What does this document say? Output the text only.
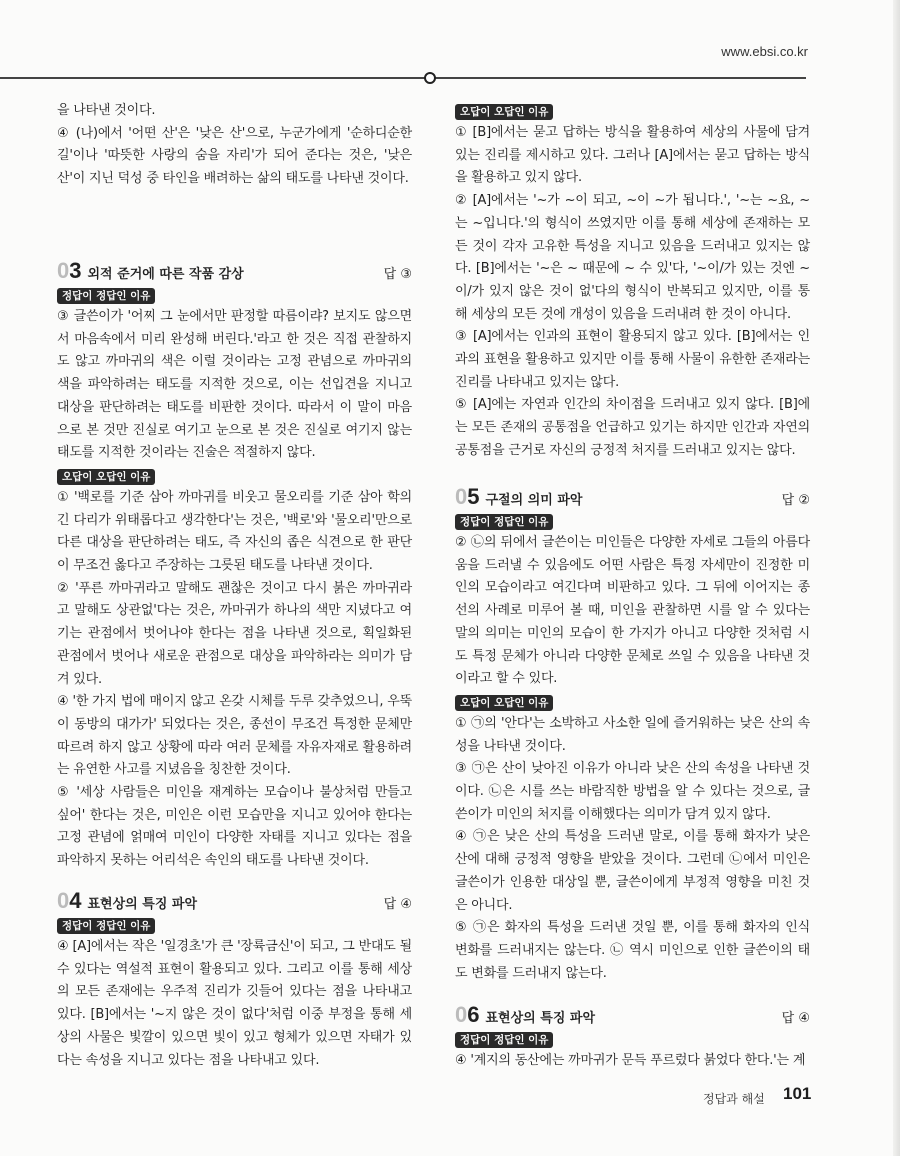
www.ebsi.co.kr

을 나타낸 것이다.

④ (나)에서 '어떤 산'은 '낮은 산'으로, 누군가에게 '순하디순한 길'이나 '따뜻한 사랑의 숨을 자리'가 되어 준다는 것은, '낮은 산'이 지닌 덕성 중 타인을 배려하는 삶의 태도를 나타낸 것이다.

03 외적 준거에 따른 작품 감상	답 ③
정답이 정답인 이유

③ 글쓴이가 '어찌 그 눈에서만 판정할 따름이랴? 보지도 않으면서 마음속에서 미리 완성해 버린다.'라고 한 것은 직접 관찰하지도 않고 까마귀의 색은 이럴 것이라는 고정 관념으로 까마귀의 색을 파악하려는 태도를 지적한 것으로, 이는 선입견을 지니고 대상을 판단하려는 태도를 비판한 것이다. 따라서 이 말이 마음으로 본 것만 진실로 여기고 눈으로 본 것은 진실로 여기지 않는 태도를 지적한 것이라는 진술은 적절하지 않다.

오답이 오답인 이유

① '백로를 기준 삼아 까마귀를 비웃고 물오리를 기준 삼아 학의 긴 다리가 위태롭다고 생각한다'는 것은, '백로'와 '물오리'만으로 다른 대상을 판단하려는 태도, 즉 자신의 좁은 식견으로 한 판단이 무조건 옳다고 주장하는 그릇된 태도를 나타낸 것이다.

② '푸른 까마귀라고 말해도 괜찮은 것이고 다시 붉은 까마귀라고 말해도 상관없'다는 것은, 까마귀가 하나의 색만 지녔다고 여기는 관점에서 벗어나야 한다는 점을 나타낸 것으로, 획일화된 관점에서 벗어나 새로운 관점으로 대상을 파악하라는 의미가 담겨 있다.

④ '한 가지 법에 매이지 않고 온갖 시체를 두루 갖추었으니, 우뚝이 동방의 대가가' 되었다는 것은, 종선이 무조건 특정한 문체만 따르려 하지 않고 상황에 따라 여러 문체를 자유자재로 활용하려는 유연한 사고를 지녔음을 칭찬한 것이다.

⑤ '세상 사람들은 미인을 재계하는 모습이나 불상처럼 만들고 싶어' 한다는 것은, 미인은 이런 모습만을 지니고 있어야 한다는 고정 관념에 얽매여 미인이 다양한 자태를 지니고 있다는 점을 파악하지 못하는 어리석은 속인의 태도를 나타낸 것이다.

04 표현상의 특징 파악	답 ④
정답이 정답인 이유

④ [A]에서는 작은 '일경초'가 큰 '장륙금신'이 되고, 그 반대도 될 수 있다는 역설적 표현이 활용되고 있다. 그리고 이를 통해 세상의 모든 존재에는 우주적 진리가 깃들어 있다는 점을 나타내고 있다. [B]에서는 '~지 않은 것이 없다'처럼 이중 부정을 통해 세상의 사물은 빛깔이 있으면 빛이 있고 형체가 있으면 자태가 있다는 속성을 지니고 있다는 점을 나타내고 있다.

오답이 오답인 이유

① [B]에서는 묻고 답하는 방식을 활용하여 세상의 사물에 담겨 있는 진리를 제시하고 있다. 그러나 [A]에서는 묻고 답하는 방식을 활용하고 있지 않다.

② [A]에서는 '~가 ~이 되고, ~이 ~가 됩니다.', '~는 ~요, ~는 ~입니다.'의 형식이 쓰였지만 이를 통해 세상에 존재하는 모든 것이 각자 고유한 특성을 지니고 있음을 드러내고 있지는 않다. [B]에서는 '~은 ~ 때문에 ~ 수 있'다, '~이/가 있는 것엔 ~이/가 있지 않은 것이 없'다의 형식이 반복되고 있지만, 이를 통해 세상의 모든 것에 개성이 있음을 드러내려 한 것이 아니다.

③ [A]에서는 인과의 표현이 활용되지 않고 있다. [B]에서는 인과의 표현을 활용하고 있지만 이를 통해 사물이 유한한 존재라는 진리를 나타내고 있지는 않다.

⑤ [A]에는 자연과 인간의 차이점을 드러내고 있지 않다. [B]에는 모든 존재의 공통점을 언급하고 있기는 하지만 인간과 자연의 공통점을 근거로 자신의 긍정적 처지를 드러내고 있지는 않다.

05 구절의 의미 파악	답 ②
정답이 정답인 이유

② ㉡의 뒤에서 글쓴이는 미인들은 다양한 자세로 그들의 아름다움을 드러낼 수 있음에도 어떤 사람은 특정 자세만이 진정한 미인의 모습이라고 여긴다며 비판하고 있다. 그 뒤에 이어지는 종선의 사례로 미루어 볼 때, 미인을 관찰하면 시를 알 수 있다는 말의 의미는 미인의 모습이 한 가지가 아니고 다양한 것처럼 시도 특정 문체가 아니라 다양한 문체로 쓰일 수 있음을 나타낸 것이라고 할 수 있다.

오답이 오답인 이유

① ㉠의 '안다'는 소박하고 사소한 일에 즐거워하는 낮은 산의 속성을 나타낸 것이다.

③ ㉠은 산이 낮아진 이유가 아니라 낮은 산의 속성을 나타낸 것이다. ㉡은 시를 쓰는 바람직한 방법을 알 수 있다는 것으로, 글쓴이가 미인의 처지를 이해했다는 의미가 담겨 있지 않다.

④ ㉠은 낮은 산의 특성을 드러낸 말로, 이를 통해 화자가 낮은 산에 대해 긍정적 영향을 받았을 것이다. 그런데 ㉡에서 미인은 글쓴이가 인용한 대상일 뿐, 글쓴이에게 부정적 영향을 미친 것은 아니다.

⑤ ㉠은 화자의 특성을 드러낸 것일 뿐, 이를 통해 화자의 인식 변화를 드러내지는 않는다. ㉡ 역시 미인으로 인한 글쓴이의 태도 변화를 드러내지 않는다.

06 표현상의 특징 파악	답 ④
정답이 정답인 이유

④ '계지의 동산에는 까마귀가 문득 푸르렀다 붉었다 한다.'는 계

정답과 해설 101
